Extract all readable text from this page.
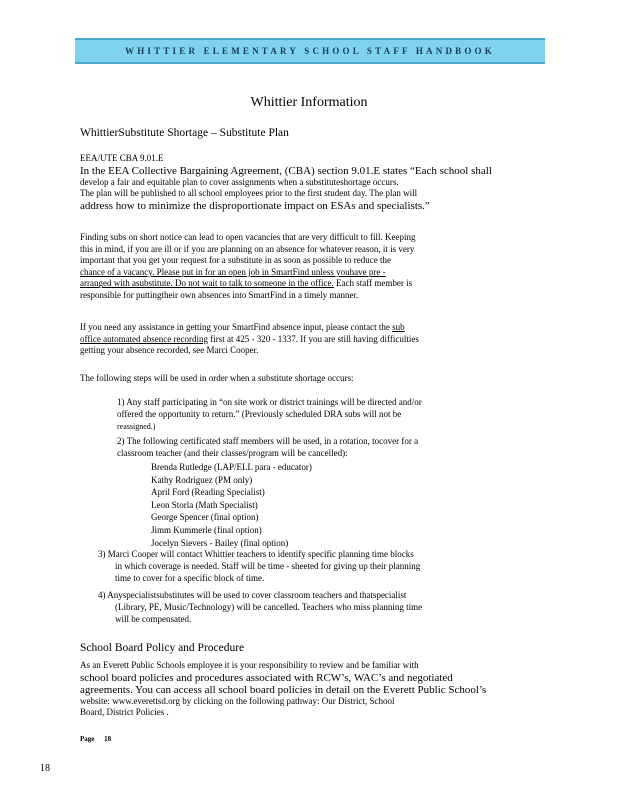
WHITTIER ELEMENTARY SCHOOL STAFF HANDBOOK
Whittier Information
WhittierSubstitute Shortage – Substitute Plan
EEA/UTE CBA 9.01.E
In the EEA Collective Bargaining Agreement, (CBA) section 9.01.E states “Each school shall
develop a fair and equitable plan to cover assignments when a substituteshortage occurs.
The plan will be published to all school employees prior to the first student day. The plan will
address how to minimize the disproportionate impact on ESAs and specialists.”
Finding subs on short notice can lead to open vacancies that are very difficult to fill. Keeping
this in mind, if you are ill or if you are planning on an absence for whatever reason, it is very
important that you get your request for a substitute in as soon as possible to reduce the
chance of a vacancy. Please put in for an open job in SmartFind unless youhave pre -
arranged with asubstitute. Do not wait to talk to someone in the office. Each staff member is
responsible for puttingtheir own absences into SmartFind in a timely manner.
If you need any assistance in getting your SmartFind absence input, please contact the sub
office automated absence recording first at 425 - 320 - 1337. If you are still having difficulties
getting your absence recorded, see Marci Cooper.
The following steps will be used in order when a substitute shortage occurs:
1) Any staff participating in “on site work or district trainings will be directed and/or
offered the opportunity to return.” (Previously scheduled DRA subs will not be
reassigned.)
2) The following certificated staff members will be used, in a rotation, tocover for a
classroom teacher (and their classes/program will be cancelled):
Brenda Rutledge (LAP/ELL para - educator)
Kathy Rodriguez (PM only)
April Ford (Reading Specialist)
Leon Storla (Math Specialist)
George Spencer (final option)
Jimm Kummerle (final option)
Jocelyn Sievers - Bailey (final option)
3) Marci Cooper will contact Whittier teachers to identify specific planning time blocks
in which coverage is needed. Staff will be time - sheeted for giving up their planning
time to cover for a specific block of time.
4) Anyspecialistsubstitutes will be used to cover classroom teachers and thatspecialist
(Library, PE, Music/Technology) will be cancelled. Teachers who miss planning time
will be compensated.
School Board Policy and Procedure
As an Everett Public Schools employee it is your responsibility to review and be familiar with
school board policies and procedures associated with RCW’s, WAC’s and negotiated
agreements. You can access all school board policies in detail on the Everett Public School’s
website: www.everettsd.org by clicking on the following pathway: Our District, School
Board, District Policies .
Page 18
18
